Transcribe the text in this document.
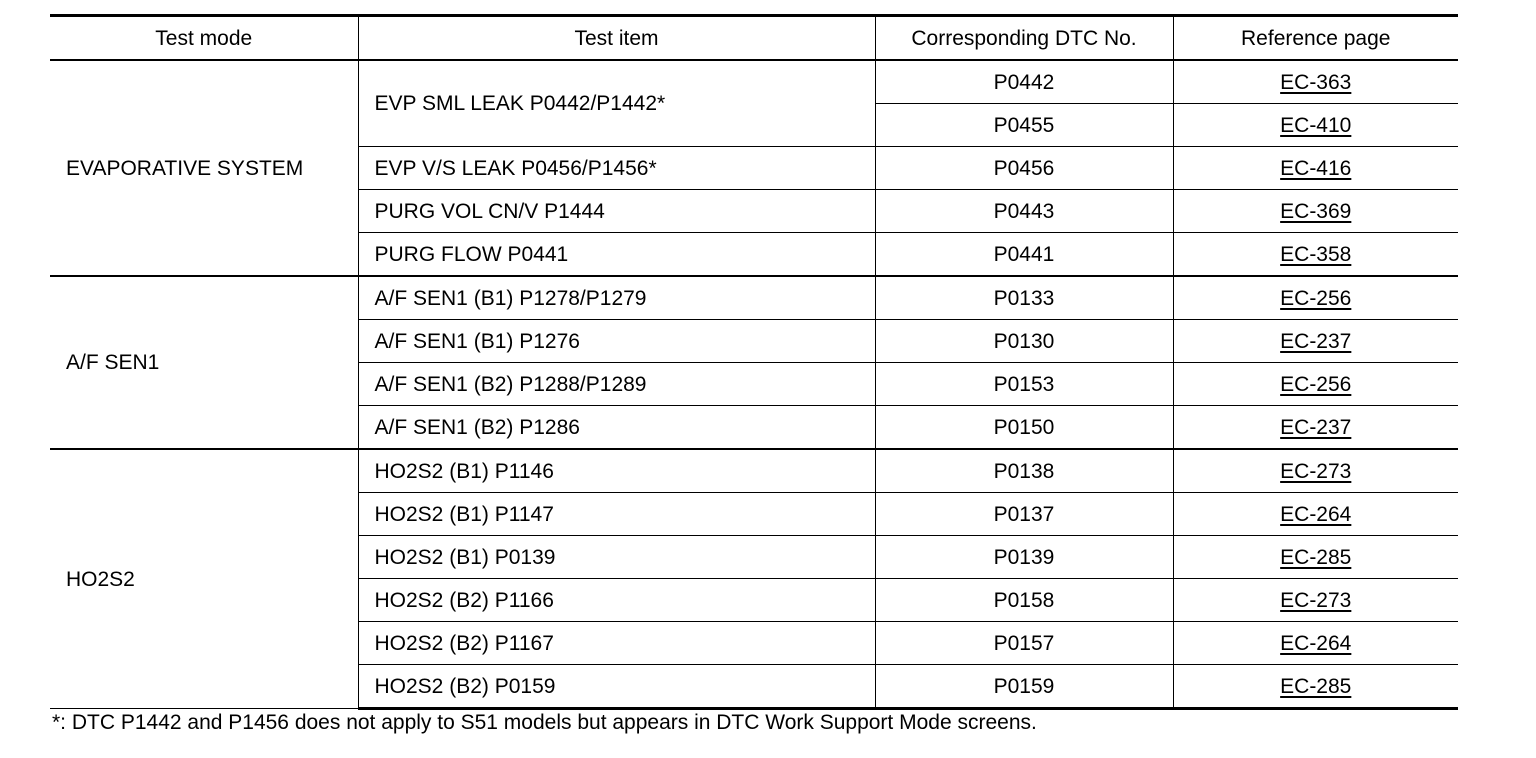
Test mode	Test item	Corresponding DTC No.	Reference page
EVAPORATIVE SYSTEM	EVP SML LEAK P0442/P1442*	P0442	EC-363
		P0455	EC-410
	EVP V/S LEAK P0456/P1456*	P0456	EC-416
	PURG VOL CN/V P1444	P0443	EC-369
	PURG FLOW P0441	P0441	EC-358
A/F SEN1	A/F SEN1 (B1) P1278/P1279	P0133	EC-256
	A/F SEN1 (B1) P1276	P0130	EC-237
	A/F SEN1 (B2) P1288/P1289	P0153	EC-256
	A/F SEN1 (B2) P1286	P0150	EC-237
HO2S2	HO2S2 (B1) P1146	P0138	EC-273
	HO2S2 (B1) P1147	P0137	EC-264
	HO2S2 (B1) P0139	P0139	EC-285
	HO2S2 (B2) P1166	P0158	EC-273
	HO2S2 (B2) P1167	P0157	EC-264
	HO2S2 (B2) P0159	P0159	EC-285
*: DTC P1442 and P1456 does not apply to S51 models but appears in DTC Work Support Mode screens.
